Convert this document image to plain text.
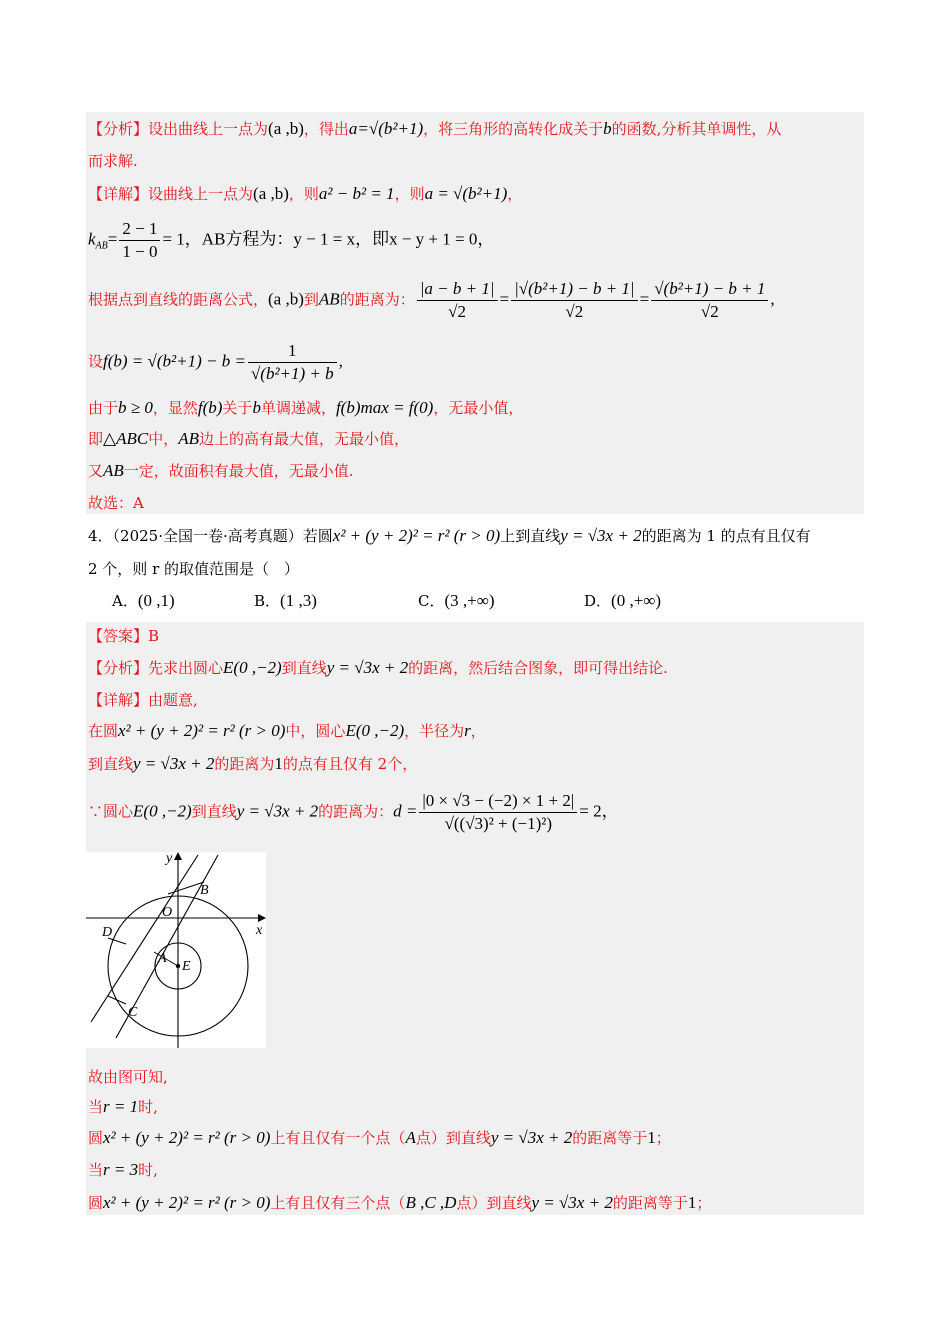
【分析】设出曲线上一点为(a ,b)，得出a=√(b²+1)，将三角形的高转化成关于b的函数,分析其单调性，从
而求解.
【详解】设曲线上一点为(a ,b)，则a² − b² = 1，则a = √(b²+1)，
$k_{AB}= \frac{2 - 1}{1 - 0} = 1$，AB方程为：y − 1 = x，即x − y + 1 = 0，
根据点到直线的距离公式，(a ,b)到AB的距离为： $\frac{|a - b + 1|}{√2} = \frac{\text{|√(b²+1) − b + 1|}}{√2} = \frac{\text{√(b²+1) − b + 1}}{√2}$ ,
设$f(b) = √(b^2+1) - b = \frac{1}{\text{√(b²+1) + b}}$ ,
由于b ≥ 0，显然f(b)关于b单调递减，f(b)max = f(0)，无最小值，
即△ABC中，AB边上的高有最大值，无最小值，
又AB一定，故面积有最大值，无最小值.
故选：A
4．（2025·全国一卷·高考真题）若圆x² + (y + 2)² = r² (r > 0)上到直线y = √3x + 2的距离为 1 的点有且仅有
2 个，则 r 的取值范围是（　）
A．(0 ,1)	B．(1 ,3)	C．(3 ,+∞)	D．(0 ,+∞)
【答案】B
【分析】先求出圆心E(0 ,−2)到直线y = √3x + 2的距离，然后结合图象，即可得出结论.
【详解】由题意,
在圆x² + (y + 2)² = r² (r > 0)中，圆心E(0 ,−2)，半径为r，
到直线y = √3x + 2的距离为1的点有且仅有 2个，
∵圆心E(0 ,−2)到直线y = √3x + 2的距离为：$d = \frac{|0 \times √3 - (-2) \times 1 + 2|}{\text{√((√3)² + (−1)²)}} = 2$，
y
x
O
B
D
A
E
C
故由图可知,
当r = 1时,
圆x² + (y + 2)² = r² (r > 0)上有且仅有一个点（A点）到直线y = √3x + 2的距离等于1；
当r = 3时,
圆x² + (y + 2)² = r² (r > 0)上有且仅有三个点（B ,C ,D点）到直线y = √3x + 2的距离等于1；
